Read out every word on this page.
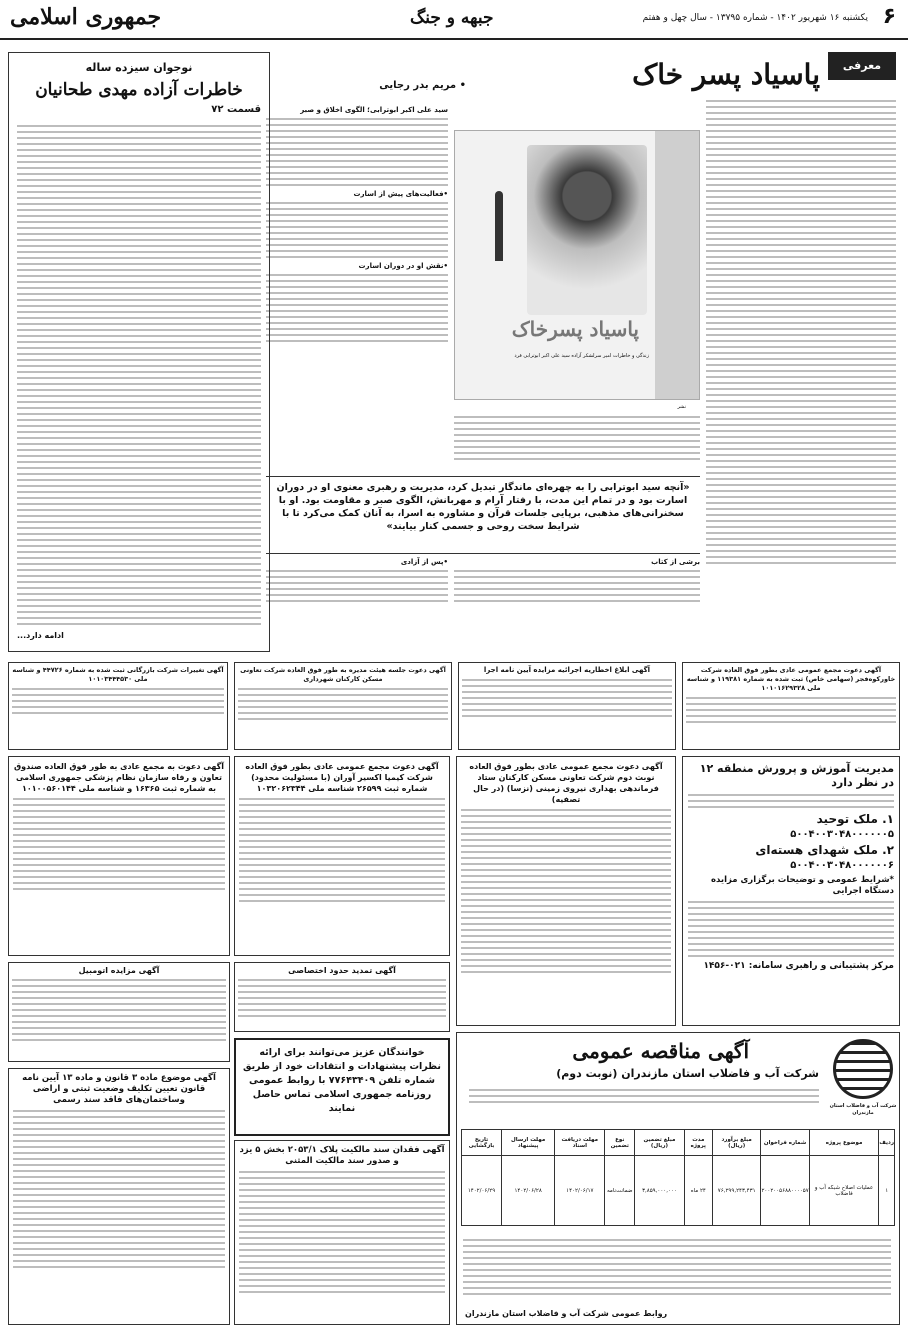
۶
یکشنبه ۱۶ شهریور ۱۴۰۲ - شماره ۱۳۷۹۵ - سال چهل و هفتم
جبهه و جنگ
جمهوری اسلامی
معرفی کتاب
پاسیاد پسر خاک
• مریم بدر رجایی
پاسیاد پسرخاک
زندگی و خاطرات امیر سرلشکر آزاده سید علی اکبر ابوترابی فرد
نشر
سید علی اکبر ابوترابی؛ الگوی اخلاق و صبر
•فعالیت‌های پیش از اسارت
•نقش او در دوران اسارت
«آنچه سید ابوترابی را به چهره‌ای ماندگار تبدیل کرد، مدیریت و رهبری معنوی او در دوران اسارت بود و در تمام این مدت، با رفتار آرام و مهربانش، الگوی صبر و مقاومت بود. او با سخنرانی‌های مذهبی، برپایی جلسات قرآن و مشاوره به اسرا، به آنان کمک می‌کرد تا با شرایط سخت روحی و جسمی کنار بیایند»
برشی از کتاب
•پس از آزادی
نوجوان سیزده ساله
خاطرات آزاده مهدی طحانیان
قسمت ۷۲
ادامه دارد...
آگهی دعوت مجمع عمومی عادی بطور فوق العاده شرکت خاورکوه‌فجر (سهامی خاص) ثبت شده به شماره ۱۱۹۳۸۱ و شناسه ملی ۱۰۱۰۱۶۲۹۳۲۸
آگهی ابلاغ اخطاریه اجرائیه مزایده آیین نامه اجرا
آگهی دعوت جلسه هیئت مدیره به طور فوق العاده شرکت تعاونی مسکن کارکنان شهرداری
آگهی تغییرات شرکت بازرگانی ثبت شده به شماره ۴۴۷۲۶ و شناسه ملی ۱۰۱۰۳۴۴۴۵۳۰
مدیریت آموزش و پرورش منطقه ۱۲ در نظر دارد
۱. ملک توحید
۵۰۰۴۰۰۳۰۴۸۰۰۰۰۰۰۵
۲. ملک شهدای هسته‌ای
۵۰۰۴۰۰۳۰۴۸۰۰۰۰۰۰۶
*شرایط عمومی و توضیحات برگزاری مزایده دستگاه اجرایی
مرکز پشتیبانی و راهبری سامانه: ۰۲۱-۱۴۵۶
آگهی دعوت مجمع عمومی عادی بطور فوق العاده نوبت دوم شرکت تعاونی مسکن کارکنان ستاد فرماندهی بهداری نیروی زمینی (نزسا) (در حال تصفیه)
آگهی دعوت مجمع عمومی عادی بطور فوق العاده شرکت کیمیا اکسیر آوران (با مسئولیت محدود) شماره ثبت ۲۶۵۹۹ شناسه ملی ۱۰۳۲۰۶۲۳۴۴
آگهی دعوت به مجمع عادی به طور فوق العاده صندوق تعاون و رفاه سازمان نظام پزشکی جمهوری اسلامی به شماره ثبت ۱۶۳۶۵ و شناسه ملی ۱۰۱۰۰۵۶۰۱۴۴
آگهی تمدید حدود اختصاصی
آگهی مزایده اتومبیل
خوانندگان عزیز می‌توانند برای ارائه نظرات پیشنهادات و انتقادات خود از طریق شماره تلفن ۷۷۶۴۳۴۰۹ با روابط عمومی روزنامه جمهوری اسلامی تماس حاصل نمایند	شرکت آب و فاضلاب استان مازندران
آگهی مناقصه عمومی
شرکت آب و فاضلاب استان مازندران (نوبت دوم)
ردیف	موضوع پروژه	شماره فراخوان	مبلغ برآورد (ریال)	مدت پروژه	مبلغ تضمین (ریال)	نوع تضمین	مهلت دریافت اسناد	مهلت ارسال پیشنهاد	تاریخ بازگشایی
۱	عملیات اصلاح شبکه آب و فاضلاب	۲۰۰۲۰۰۵۶۸۸۰۰۰۰۵۷	۷۶,۲۹۹,۲۴۳,۴۳۱	۲۴ ماه	۳,۸۵۹,۰۰۰,۰۰۰	ضمانت‌نامه	۱۴۰۲/۰۶/۱۷	۱۴۰۲/۰۶/۲۸	۱۴۰۲/۰۶/۲۹
روابط عمومی شرکت آب و فاضلاب استان مازندران
آگهی فقدان سند مالکیت پلاک ۲۰۵۳/۱ بخش ۵ یزد و صدور سند مالکیت المثنی
آگهی موضوع ماده ۳ قانون و ماده ۱۳ آیین نامه قانون تعیین تکلیف وضعیت ثبتی و اراضی وساختمان‌های فاقد سند رسمی
